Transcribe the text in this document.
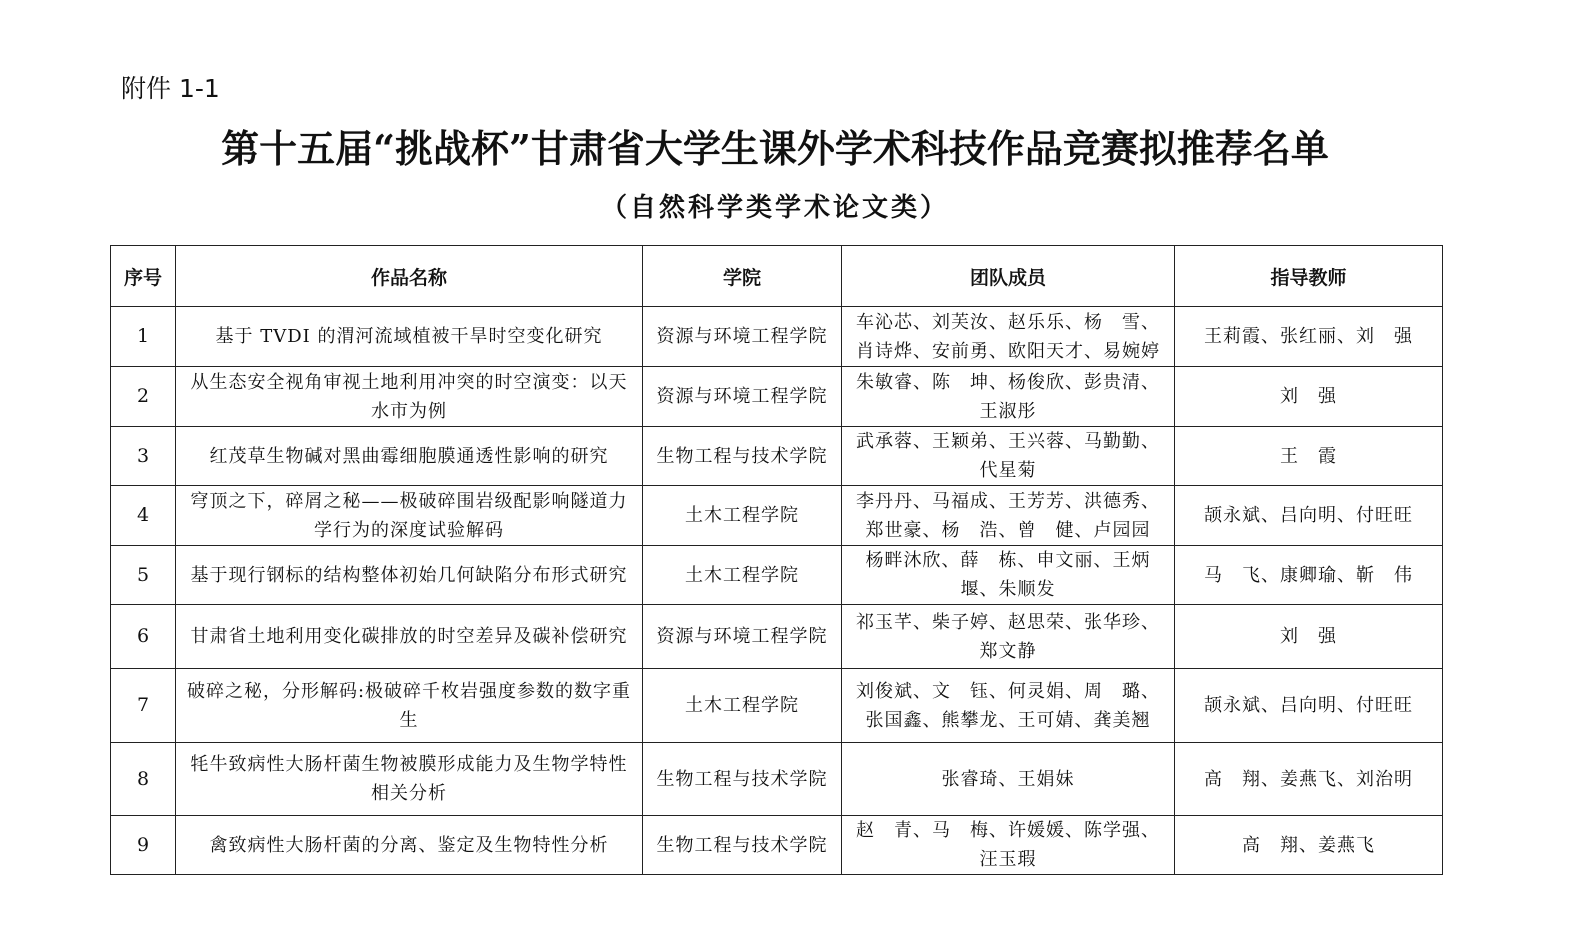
附件 1-1
第十五届“挑战杯”甘肃省大学生课外学术科技作品竞赛拟推荐名单
（自然科学类学术论文类）
序号	作品名称	学院	团队成员	指导教师
1	基于 TVDI 的渭河流域植被干旱时空变化研究	资源与环境工程学院	车沁芯、刘芙汝、赵乐乐、杨　雪、肖诗烨、安前勇、欧阳天才、易婉婷	王莉霞、张红丽、刘　强
2	从生态安全视角审视土地利用冲突的时空演变：以天水市为例	资源与环境工程学院	朱敏睿、陈　坤、杨俊欣、彭贵清、王淑彤	刘　强
3	红茂草生物碱对黑曲霉细胞膜通透性影响的研究	生物工程与技术学院	武承蓉、王颖弟、王兴蓉、马勤勤、代星菊	王　霞
4	穹顶之下，碎屑之秘——极破碎围岩级配影响隧道力学行为的深度试验解码	土木工程学院	李丹丹、马福成、王芳芳、洪德秀、郑世豪、杨　浩、曾　健、卢园园	颉永斌、吕向明、付旺旺
5	基于现行钢标的结构整体初始几何缺陷分布形式研究	土木工程学院	杨畔沐欣、薛　栋、申文丽、王炳堰、朱顺发	马　飞、康卿瑜、靳　伟
6	甘肃省土地利用变化碳排放的时空差异及碳补偿研究	资源与环境工程学院	祁玉芊、柴子婷、赵思荣、张华珍、郑文静	刘　强
7	破碎之秘，分形解码:极破碎千枚岩强度参数的数字重生	土木工程学院	刘俊斌、文　钰、何灵娟、周　璐、张国鑫、熊攀龙、王可婧、龚美翘	颉永斌、吕向明、付旺旺
8	牦牛致病性大肠杆菌生物被膜形成能力及生物学特性相关分析	生物工程与技术学院	张睿琦、王娟妹	高　翔、姜燕飞、刘治明
9	禽致病性大肠杆菌的分离、鉴定及生物特性分析	生物工程与技术学院	赵　青、马　梅、许媛媛、陈学强、汪玉瑕	高　翔、姜燕飞
